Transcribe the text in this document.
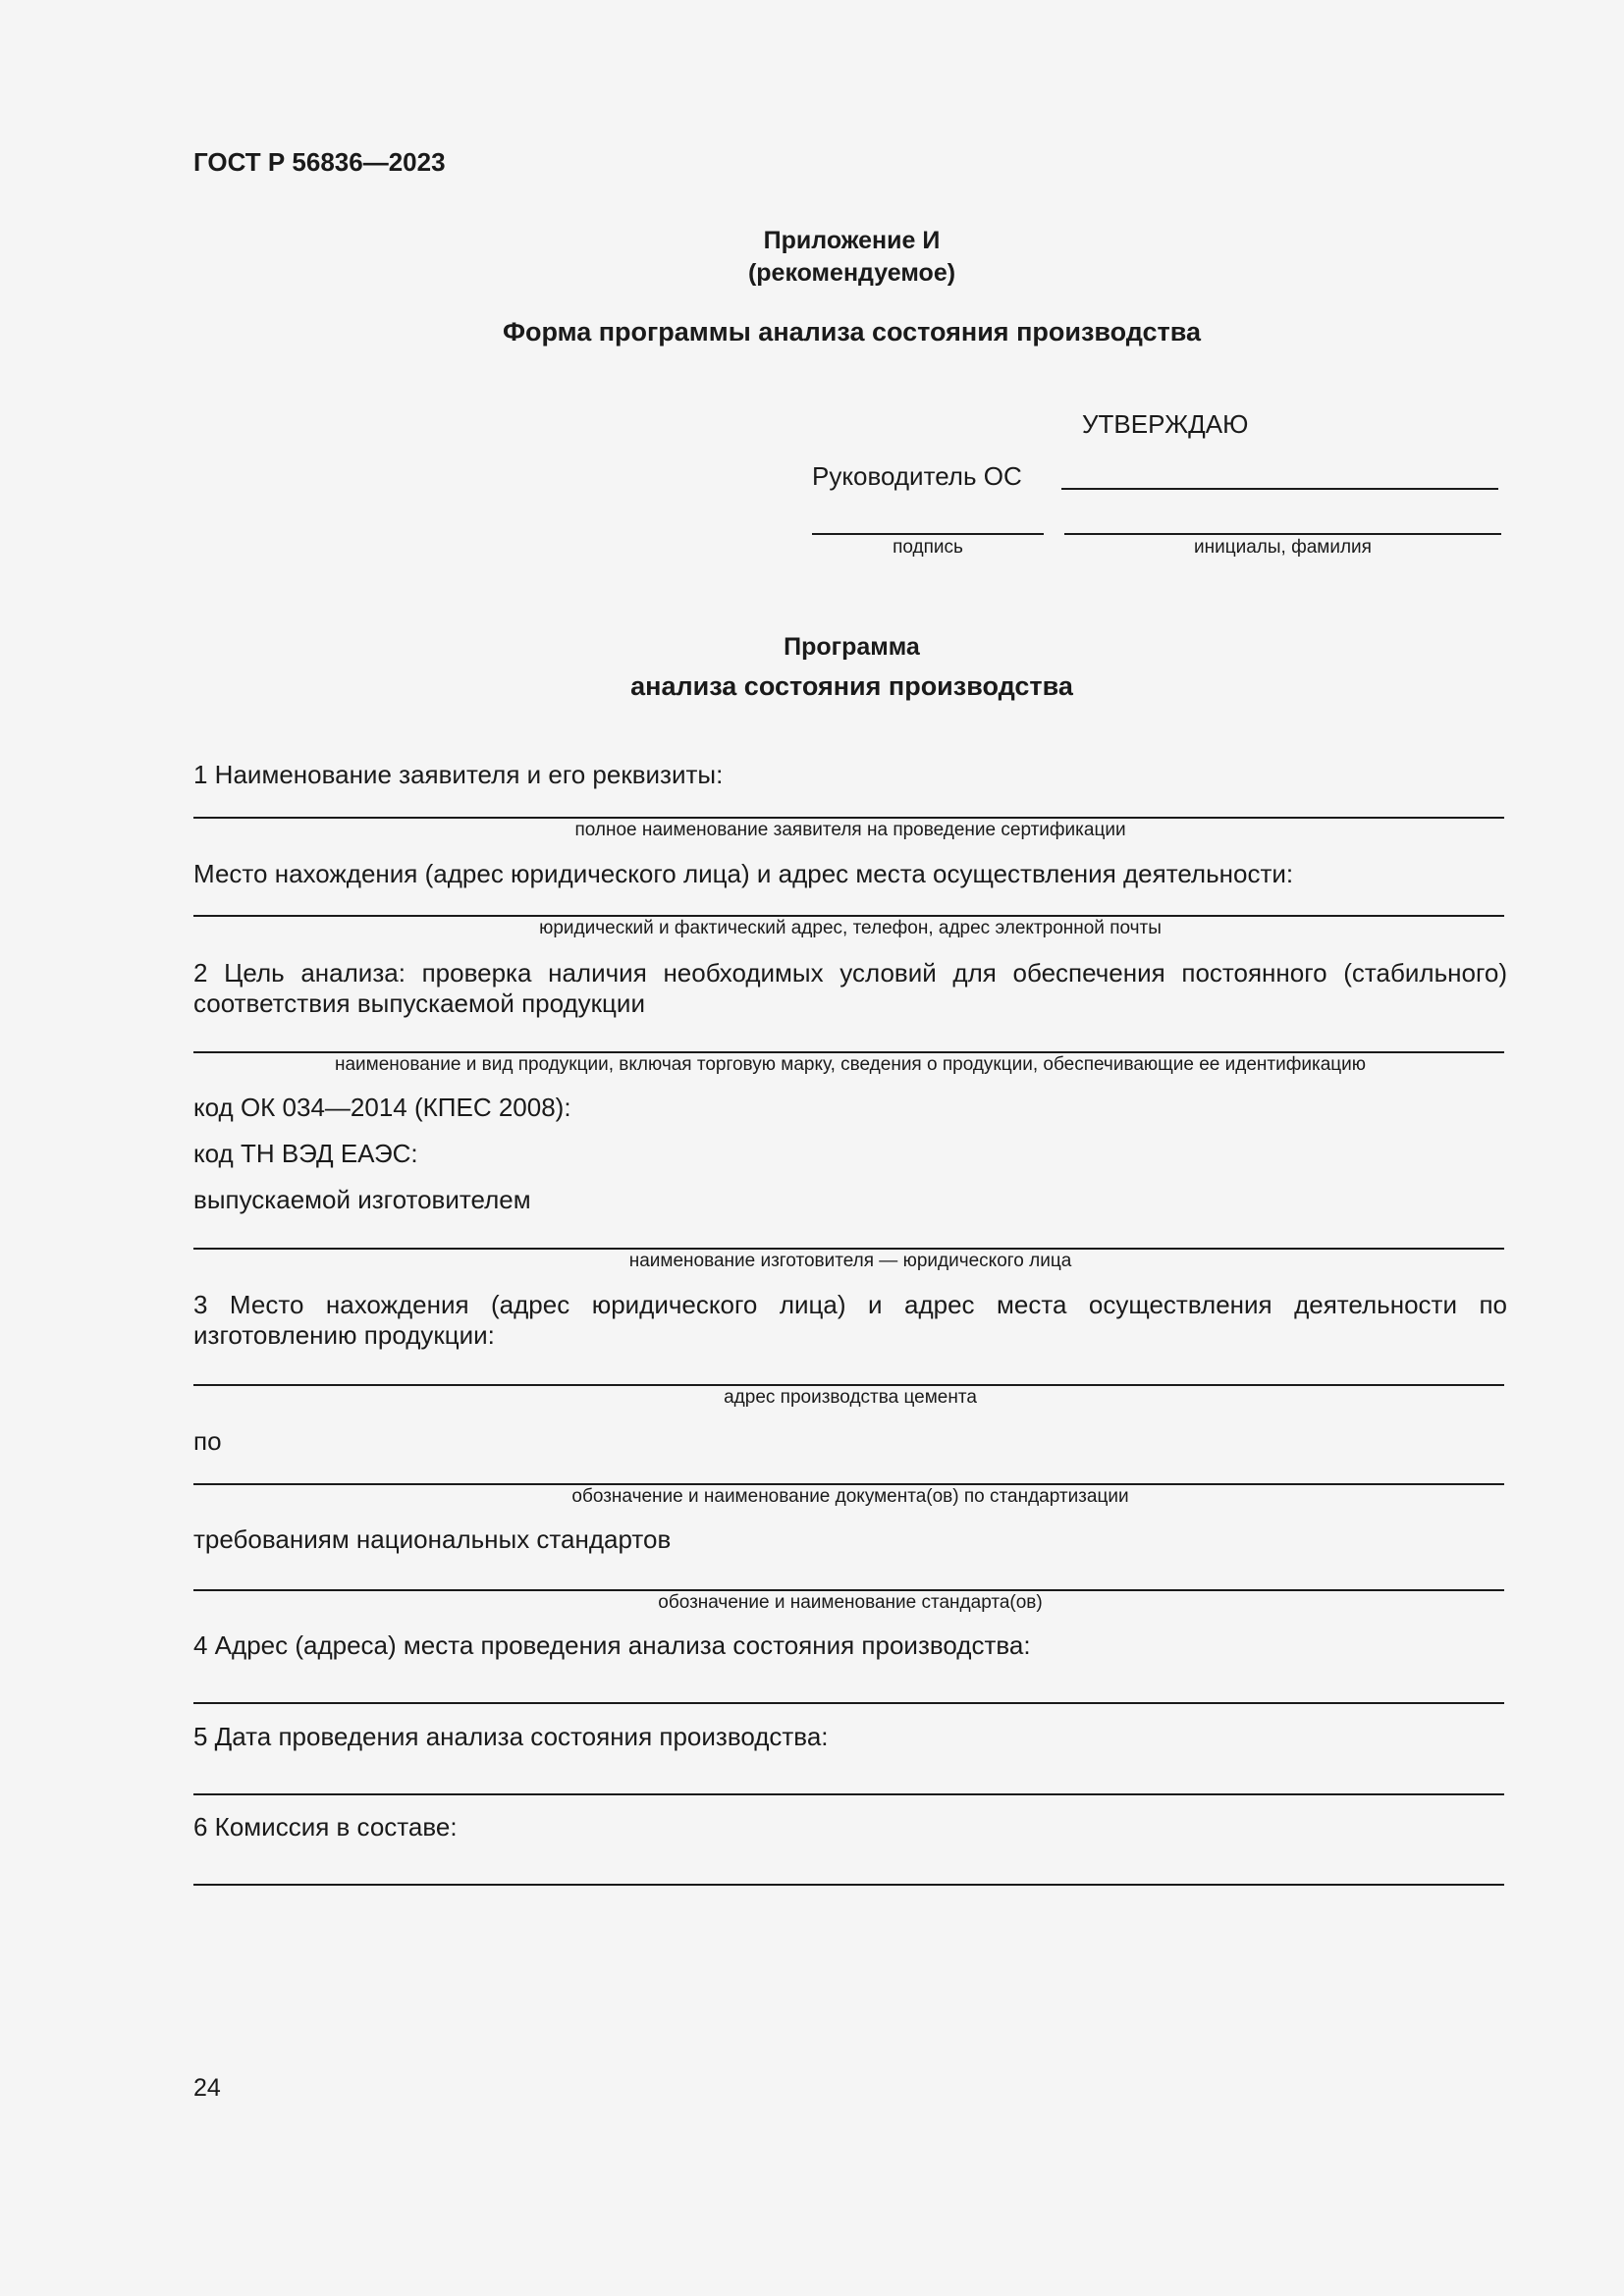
ГОСТ Р 56836—2023
Приложение И
(рекомендуемое)
Форма программы анализа состояния производства
УТВЕРЖДАЮ
Руководитель ОС
подпись	инициалы, фамилия
Программа
анализа состояния производства
1 Наименование заявителя и его реквизиты:
полное наименование заявителя на проведение сертификации
Место нахождения (адрес юридического лица) и адрес места осуществления деятельности:
юридический и фактический адрес, телефон, адрес электронной почты
2 Цель анализа: проверка наличия необходимых условий для обеспечения постоянного (стабильного) соответствия выпускаемой продукции
наименование и вид продукции, включая торговую марку, сведения о продукции, обеспечивающие ее идентификацию
код ОК 034—2014 (КПЕС 2008):
код ТН ВЭД ЕАЭС:
выпускаемой изготовителем
наименование изготовителя — юридического лица
3 Место нахождения (адрес юридического лица) и адрес места осуществления деятельности по изготовлению продукции:
адрес производства цемента
по
обозначение и наименование документа(ов) по стандартизации
требованиям национальных стандартов
обозначение и наименование стандарта(ов)
4 Адрес (адреса) места проведения анализа состояния производства:
5 Дата проведения анализа состояния производства:
6 Комиссия в составе:
24
